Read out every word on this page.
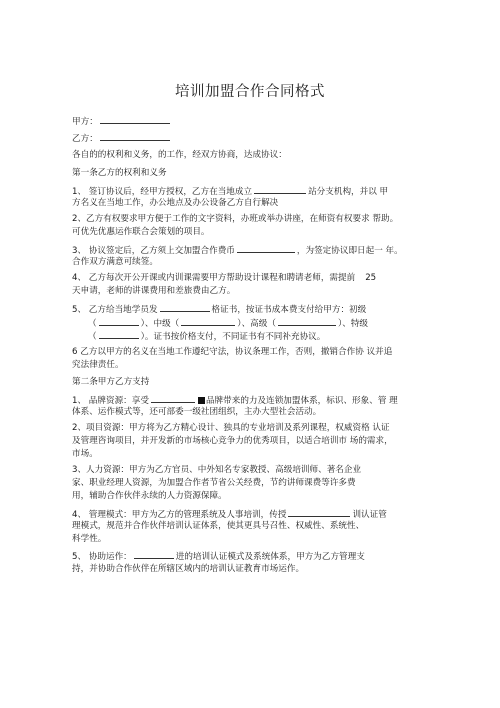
培训加盟合作合同格式
甲方：
乙方：
各自的的权利和义务，的工作，经双方协商，达成协议：
第一条乙方的权利和义务
1、 签订协议后，经甲方授权，乙方在当地成立	站分支机构，并以 甲
方名义在当地工作，办公地点及办公设备乙方自行解决
2、乙方有权要求甲方便于工作的文字资料，办班或举办讲座，在师资有权要求 帮助。
可优先优惠运作联合会策划的项目。
3、 协议签定后，乙方须上交加盟合作费币	，为签定协议即日起一 年。
合作双方满意可续签。
4、 乙方每次开公开课或内训课需要甲方帮助设计课程和聘请老师，需提前 25
天申请，老师的讲课费用和差旅费由乙方。
5、 乙方给当地学员发	格证书，按证书成本费支付给甲方：初级
（	）、中级（	）、高级（	）、特级
（	）。证书按价格支付，不同证书有不同补充协议。
6 乙方以甲方的名义在当地工作遵纪守法，协议条理工作，否则，撤销合作协 议并追
究法律责任。
第二条甲方乙方支持
1、 品牌资源：享受	品牌带来的力及连锁加盟体系，标识、形象、管 理
体系、运作模式等，还可部委一级社团组织，主办大型社会活动。
2、项目资源：甲方将为乙方精心设计、独具的专业培训及系列课程，权威资格 认证
及管理咨询项目，并开发新的市场核心竞争力的优秀项目，以适合培训市 场的需求，
市场。
3、人力资源：甲方为乙方官员、中外知名专家教授、高级培训师、著名企业
家、职业经理人资源，为加盟合作者节省公关经费，节约讲师课费等许多费
用，辅助合作伙伴永续的人力资源保障。
4、 管理模式：甲方为乙方的管理系统及人事培训，传授	训认证管
理模式，规范并合作伙伴培训认证体系，使其更具号召性、权威性、系统性、
科学性。
5、 协助运作：	进的培训认证模式及系统体系，甲方为乙方管理支
持，并协助合作伙伴在所辖区域内的培训认证教育市场运作。
